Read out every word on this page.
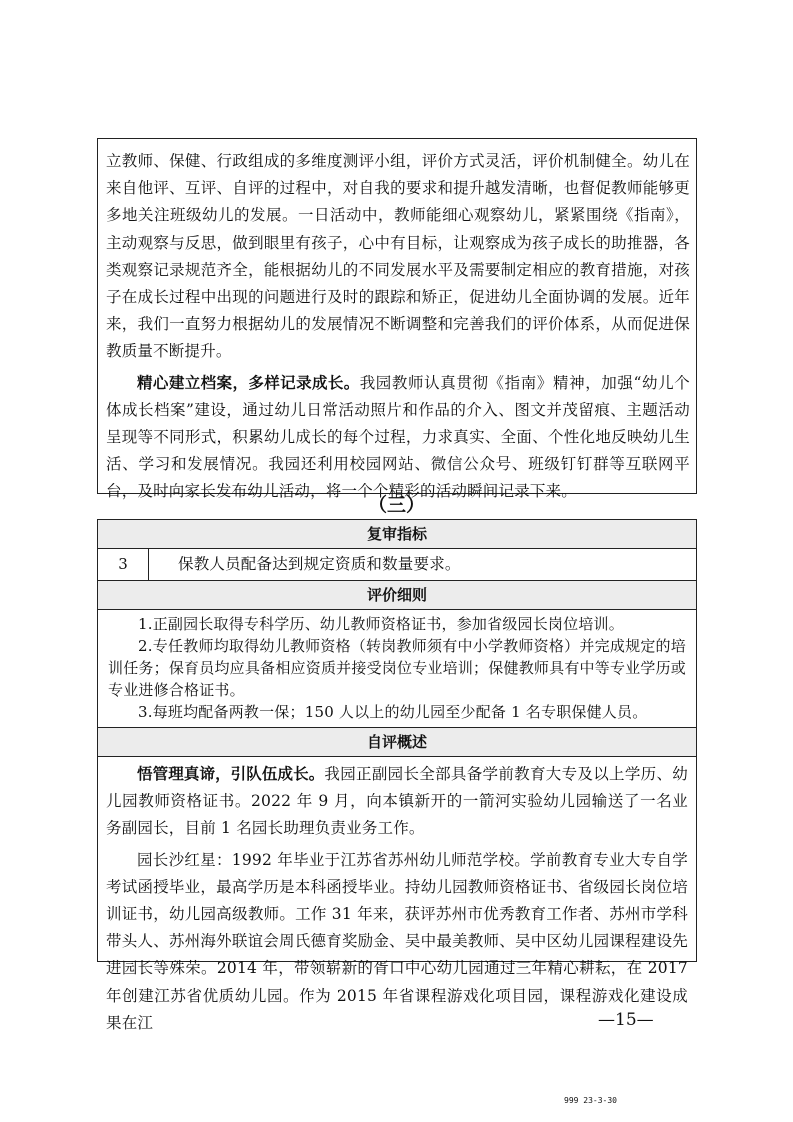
立教师、保健、行政组成的多维度测评小组，评价方式灵活，评价机制健全。幼儿在来自他评、互评、自评的过程中，对自我的要求和提升越发清晰，也督促教师能够更多地关注班级幼儿的发展。一日活动中，教师能细心观察幼儿，紧紧围绕《指南》，主动观察与反思，做到眼里有孩子，心中有目标，让观察成为孩子成长的助推器，各类观察记录规范齐全，能根据幼儿的不同发展水平及需要制定相应的教育措施，对孩子在成长过程中出现的问题进行及时的跟踪和矫正，促进幼儿全面协调的发展。近年来，我们一直努力根据幼儿的发展情况不断调整和完善我们的评价体系，从而促进保教质量不断提升。

精心建立档案，多样记录成长。我园教师认真贯彻《指南》精神，加强“幼儿个体成长档案”建设，通过幼儿日常活动照片和作品的介入、图文并茂留痕、主题活动呈现等不同形式，积累幼儿成长的每个过程，力求真实、全面、个性化地反映幼儿生活、学习和发展情况。我园还利用校园网站、微信公众号、班级钉钉群等互联网平台，及时向家长发布幼儿活动，将一个个精彩的活动瞬间记录下来。

（三）
复审指标
3	保教人员配备达到规定资质和数量要求。
评价细则

1.正副园长取得专科学历、幼儿教师资格证书，参加省级园长岗位培训。

2.专任教师均取得幼儿教师资格（转岗教师须有中小学教师资格）并完成规定的培训任务；保育员均应具备相应资质并接受岗位专业培训；保健教师具有中等专业学历或专业进修合格证书。

3.每班均配备两教一保；150 人以上的幼儿园至少配备 1 名专职保健人员。

自评概述

悟管理真谛，引队伍成长。我园正副园长全部具备学前教育大专及以上学历、幼儿园教师资格证书。2022 年 9 月，向本镇新开的一箭河实验幼儿园输送了一名业务副园长，目前 1 名园长助理负责业务工作。

园长沙红星：1992 年毕业于江苏省苏州幼儿师范学校。学前教育专业大专自学考试函授毕业，最高学历是本科函授毕业。持幼儿园教师资格证书、省级园长岗位培训证书，幼儿园高级教师。工作 31 年来，获评苏州市优秀教育工作者、苏州市学科带头人、苏州海外联谊会周氏德育奖励金、吴中最美教师、吴中区幼儿园课程建设先进园长等殊荣。2014 年，带领崭新的胥口中心幼儿园通过三年精心耕耘，在 2017 年创建江苏省优质幼儿园。作为 2015 年省课程游戏化项目园，课程游戏化建设成果在江	—15—
999 23-3-30
